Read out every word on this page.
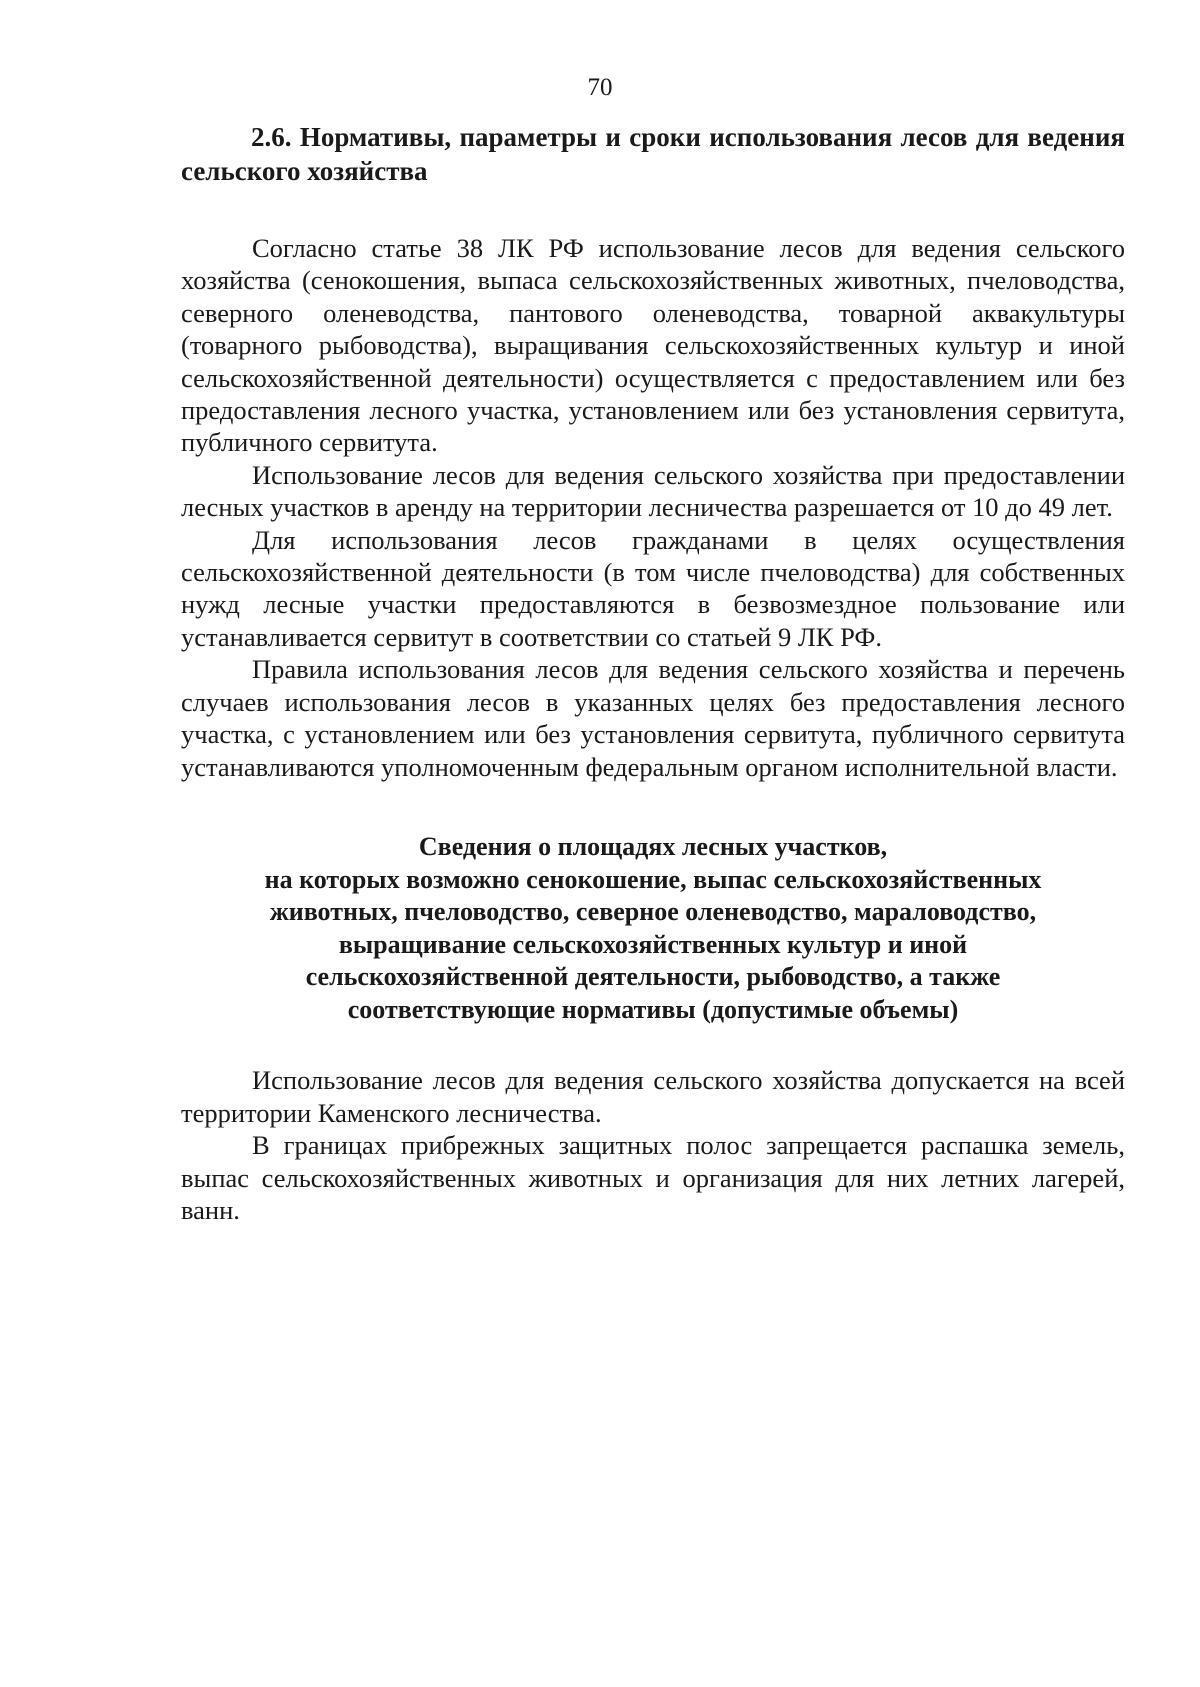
70
2.6. Нормативы, параметры и сроки использования лесов для ведения сельского хозяйства

Согласно статье 38 ЛК РФ использование лесов для ведения сельского хозяйства (сенокошения, выпаса сельскохозяйственных животных, пчеловодства, северного оленеводства, пантового оленеводства, товарной аквакультуры (товарного рыбоводства), выращивания сельскохозяйственных культур и иной сельскохозяйственной деятельности) осуществляется с предоставлением или без предоставления лесного участка, установлением или без установления сервитута, публичного сервитута.

Использование лесов для ведения сельского хозяйства при предоставлении лесных участков в аренду на территории лесничества разрешается от 10 до 49 лет.

Для использования лесов гражданами в целях осуществления сельскохозяйственной деятельности (в том числе пчеловодства) для собственных нужд лесные участки предоставляются в безвозмездное пользование или устанавливается сервитут в соответствии со статьей 9 ЛК РФ.

Правила использования лесов для ведения сельского хозяйства и перечень случаев использования лесов в указанных целях без предоставления лесного участка, с установлением или без установления сервитута, публичного сервитута устанавливаются уполномоченным федеральным органом исполнительной власти.

Сведения о площадях лесных участков,
на которых возможно сенокошение, выпас сельскохозяйственных
животных, пчеловодство, северное оленеводство, мараловодство,
выращивание сельскохозяйственных культур и иной
сельскохозяйственной деятельности, рыбоводство, а также
соответствующие нормативы (допустимые объемы)

Использование лесов для ведения сельского хозяйства допускается на всей территории Каменского лесничества.

В границах прибрежных защитных полос запрещается распашка земель, выпас сельскохозяйственных животных и организация для них летних лагерей, ванн.
